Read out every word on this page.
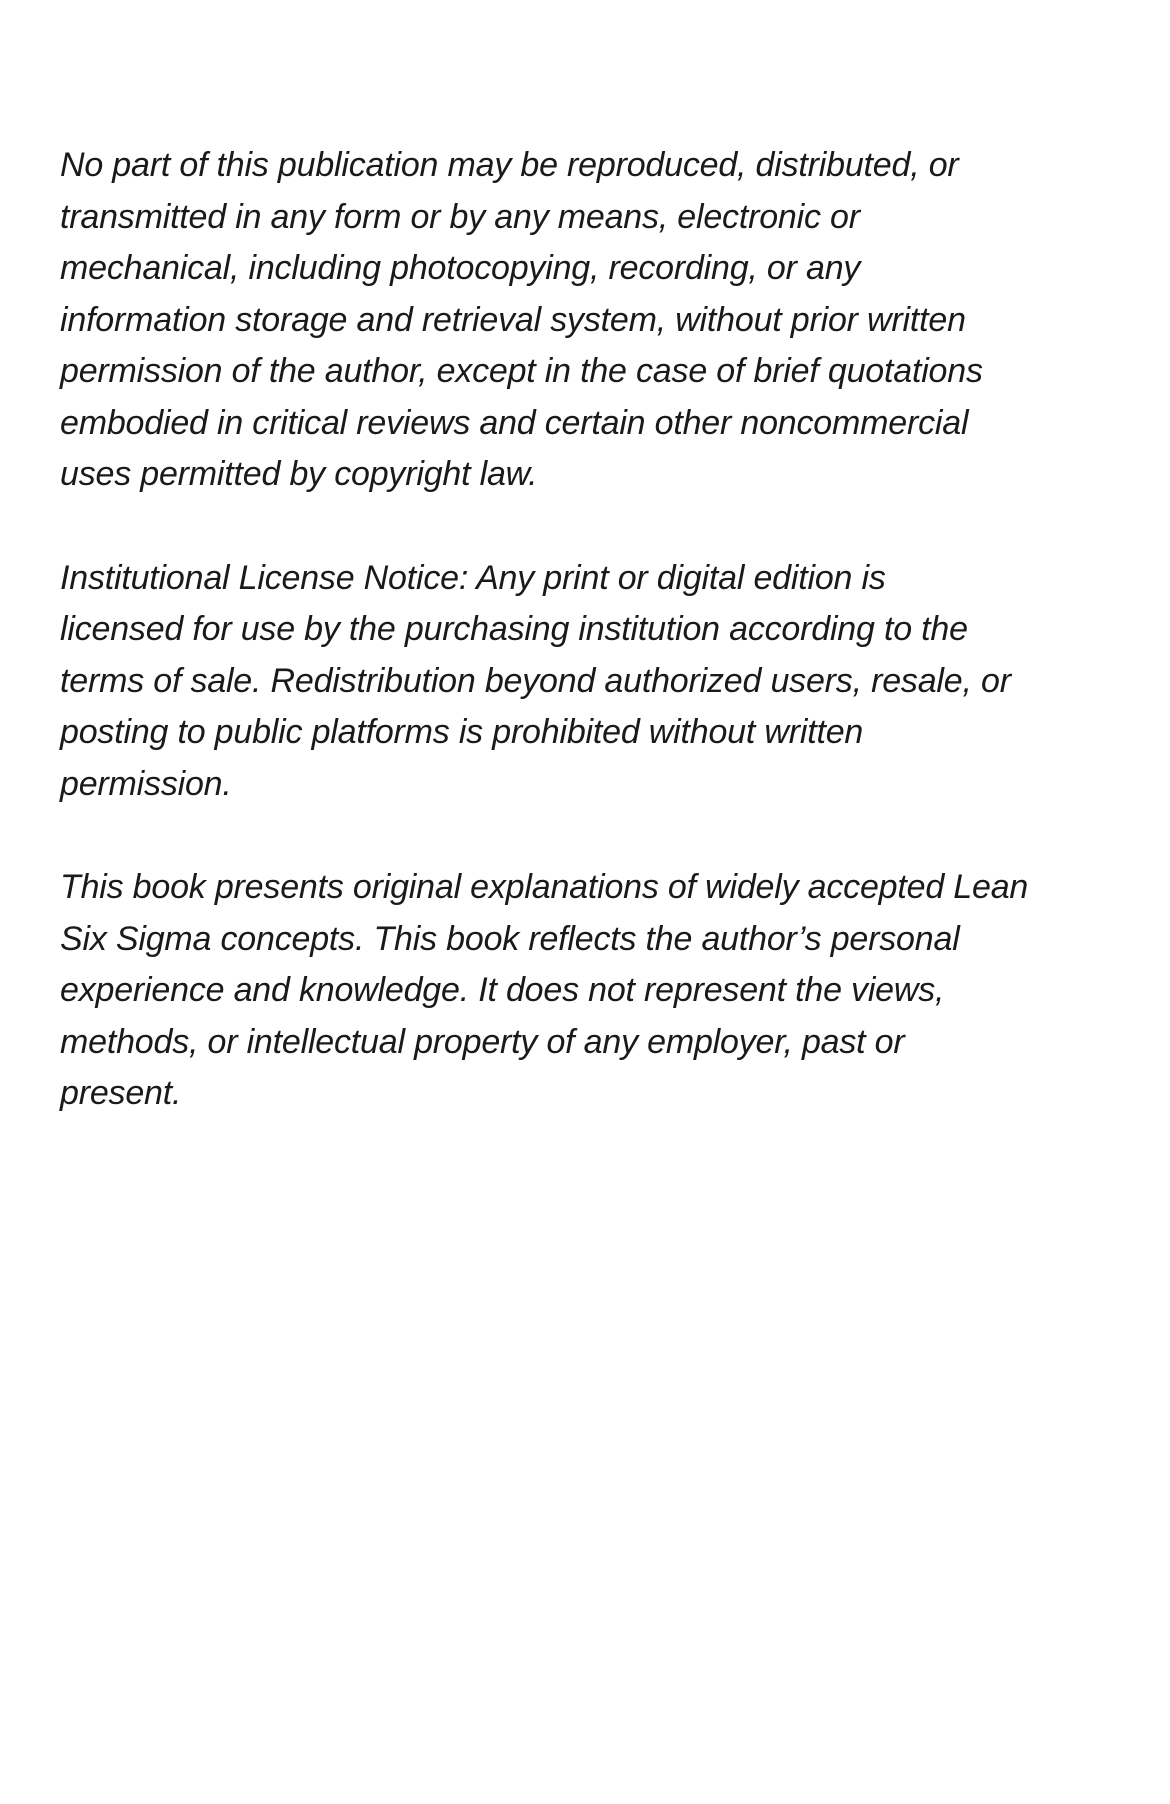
No part of this publication may be reproduced, distributed, or
transmitted in any form or by any means, electronic or
mechanical, including photocopying, recording, or any
information storage and retrieval system, without prior written
permission of the author, except in the case of brief quotations
embodied in critical reviews and certain other noncommercial
uses permitted by copyright law.

Institutional License Notice: Any print or digital edition is
licensed for use by the purchasing institution according to the
terms of sale. Redistribution beyond authorized users, resale, or
posting to public platforms is prohibited without written
permission.

This book presents original explanations of widely accepted Lean
Six Sigma concepts. This book reflects the author’s personal
experience and knowledge. It does not represent the views,
methods, or intellectual property of any employer, past or
present.
